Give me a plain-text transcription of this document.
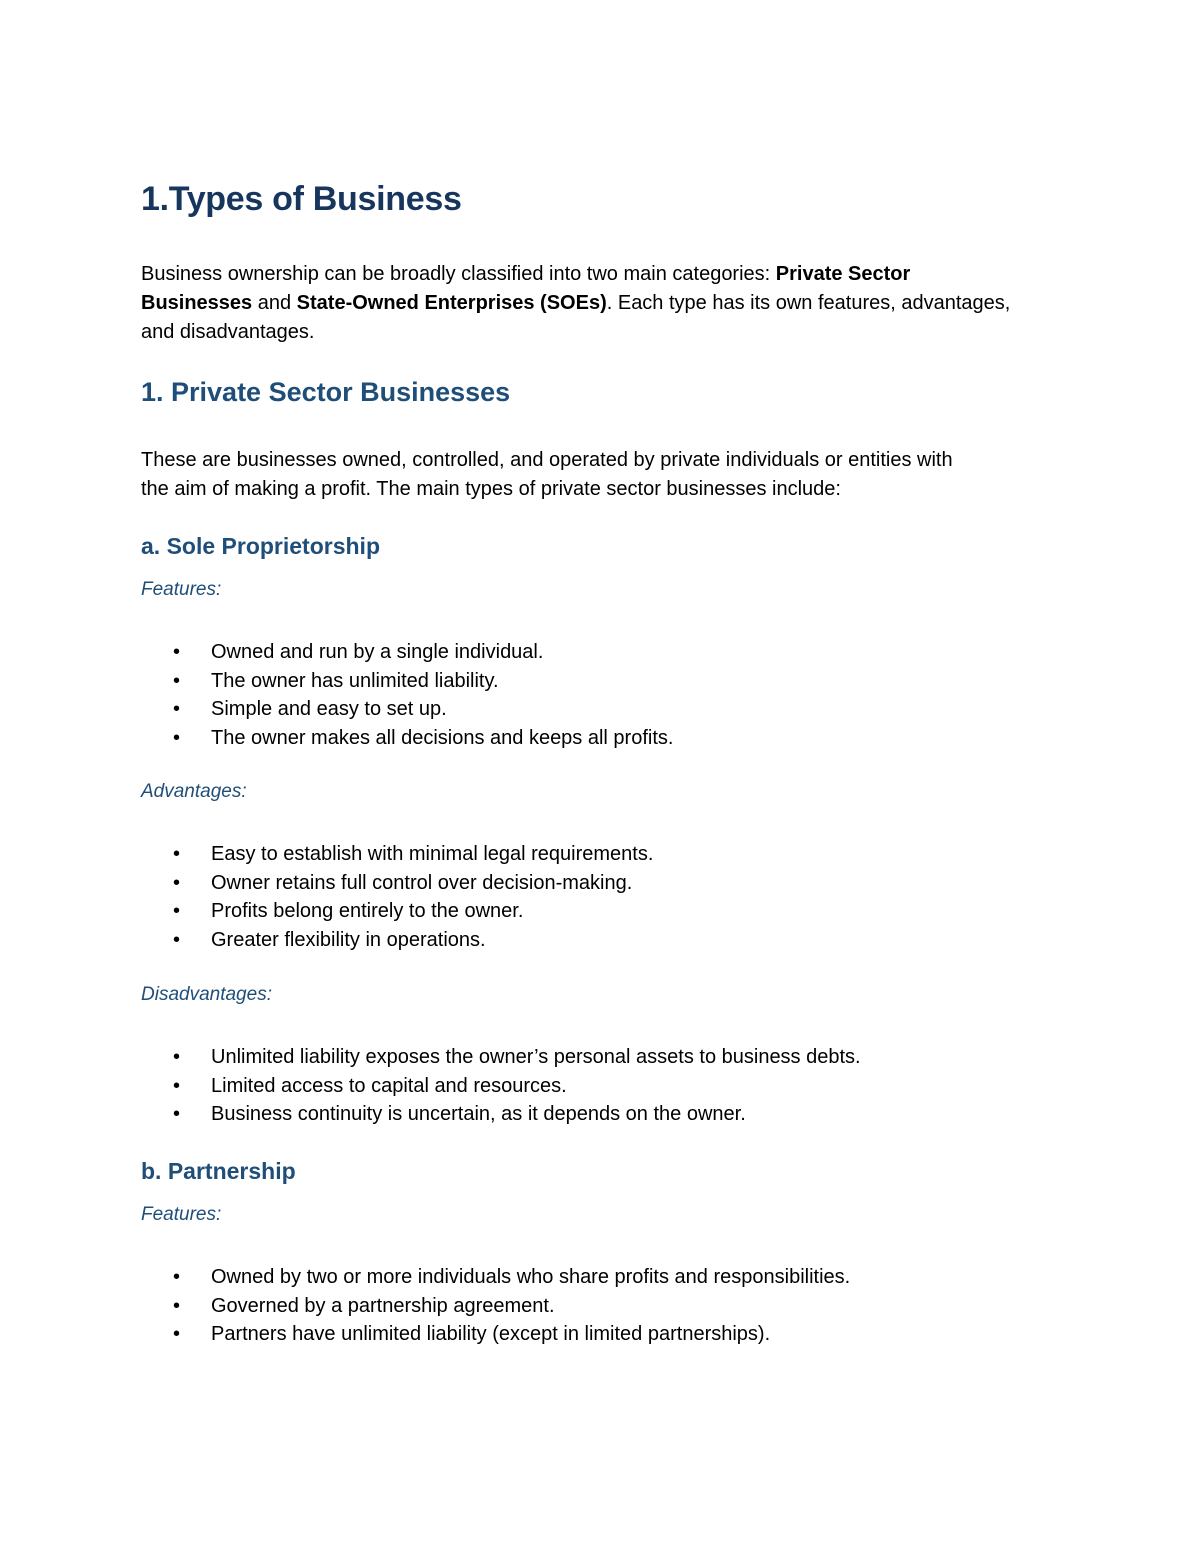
1.Types of Business
Business ownership can be broadly classified into two main categories: Private Sector
Businesses and State-Owned Enterprises (SOEs). Each type has its own features, advantages,
and disadvantages.
1. Private Sector Businesses
These are businesses owned, controlled, and operated by private individuals or entities with
the aim of making a profit. The main types of private sector businesses include:
a. Sole Proprietorship
Features:
• Owned and run by a single individual.
• The owner has unlimited liability.
• Simple and easy to set up.
• The owner makes all decisions and keeps all profits.
Advantages:
• Easy to establish with minimal legal requirements.
• Owner retains full control over decision-making.
• Profits belong entirely to the owner.
• Greater flexibility in operations.
Disadvantages:
• Unlimited liability exposes the owner’s personal assets to business debts.
• Limited access to capital and resources.
• Business continuity is uncertain, as it depends on the owner.
b. Partnership
Features:
• Owned by two or more individuals who share profits and responsibilities.
• Governed by a partnership agreement.
• Partners have unlimited liability (except in limited partnerships).
